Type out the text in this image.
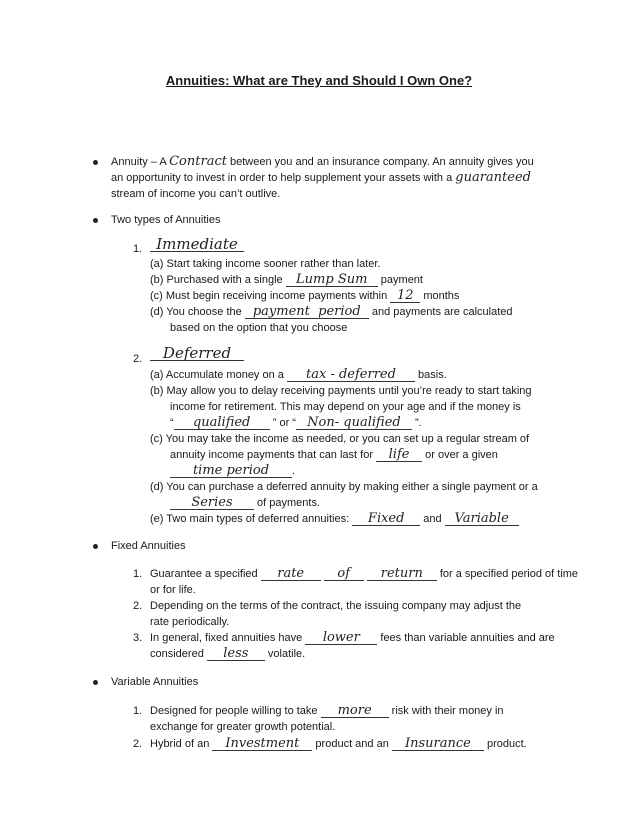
Annuities: What are They and Should I Own One?
Annuity – A Contract between you and an insurance company. An annuity gives you
an opportunity to invest in order to help supplement your assets with a guaranteed
stream of income you can’t outlive.
Two types of Annuities
1. Immediate
(a) Start taking income sooner rather than later.
(b) Purchased with a single Lump Sum payment
(c) Must begin receiving income payments within 12 months
(d) You choose the payment period and payments are calculated
based on the option that you choose
2.	Deferred
(a) Accumulate money on a tax - deferred basis.
(b) May allow you to delay receiving payments until you’re ready to start taking
income for retirement. This may depend on your age and if the money is
“ qualified ” or “ Non- qualified ”.
(c) You may take the income as needed, or you can set up a regular stream of
annuity income payments that can last for life or over a given
time period .
(d) You can purchase a deferred annuity by making either a single payment or a
Series of payments.
(e) Two main types of deferred annuities: Fixed and Variable
Fixed Annuities
1. Guarantee a specified rate	of return for a specified period of time
or for life.
2. Depending on the terms of the contract, the issuing company may adjust the
rate periodically.
3. In general, fixed annuities have lower fees than variable annuities and are
considered less volatile.
Variable Annuities
1. Designed for people willing to take more risk with their money in
exchange for greater growth potential.
2. Hybrid of an Investment product and an Insurance product.
